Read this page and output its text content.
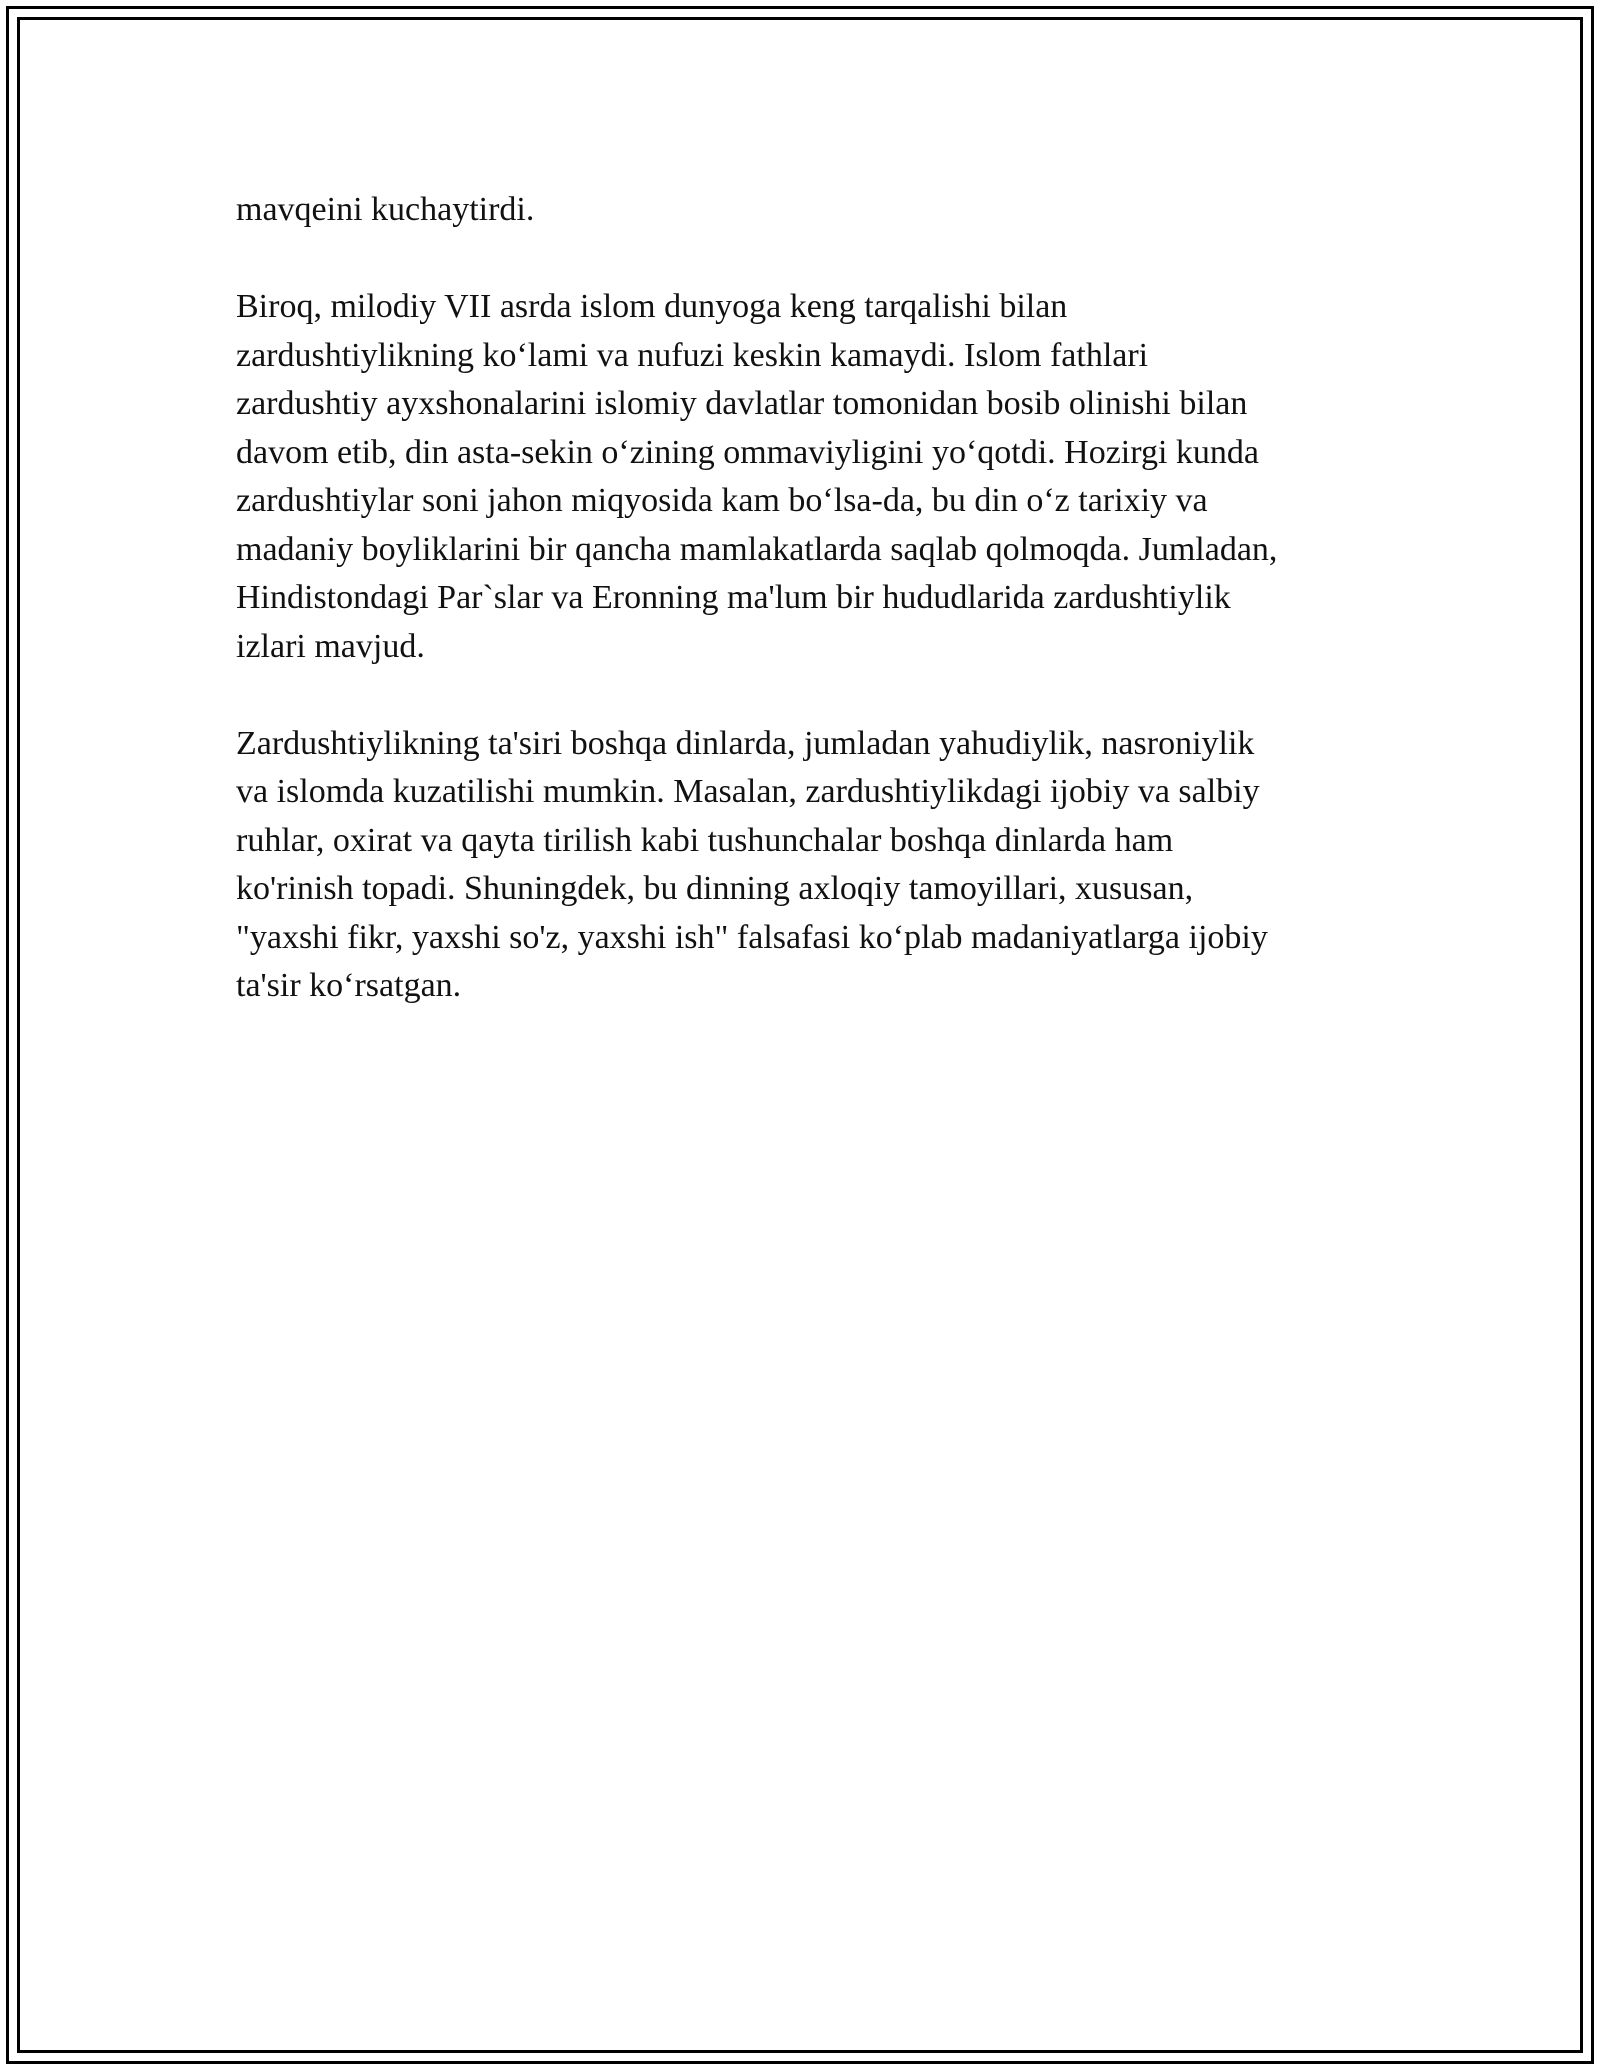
mavqeini kuchaytirdi.

Biroq, milodiy VII asrda islom dunyoga keng tarqalishi bilan
zardushtiylikning ko‘lami va nufuzi keskin kamaydi. Islom fathlari
zardushtiy ayxshonalarini islomiy davlatlar tomonidan bosib olinishi bilan
davom etib, din asta-sekin o‘zining ommaviyligini yo‘qotdi. Hozirgi kunda
zardushtiylar soni jahon miqyosida kam bo‘lsa-da, bu din o‘z tarixiy va
madaniy boyliklarini bir qancha mamlakatlarda saqlab qolmoqda. Jumladan,
Hindistondagi Par`slar va Eronning ma'lum bir hududlarida zardushtiylik
izlari mavjud.

Zardushtiylikning ta'siri boshqa dinlarda, jumladan yahudiylik, nasroniylik
va islomda kuzatilishi mumkin. Masalan, zardushtiylikdagi ijobiy va salbiy
ruhlar, oxirat va qayta tirilish kabi tushunchalar boshqa dinlarda ham
ko'rinish topadi. Shuningdek, bu dinning axloqiy tamoyillari, xususan,
"yaxshi fikr, yaxshi so'z, yaxshi ish" falsafasi ko‘plab madaniyatlarga ijobiy
ta'sir ko‘rsatgan.
